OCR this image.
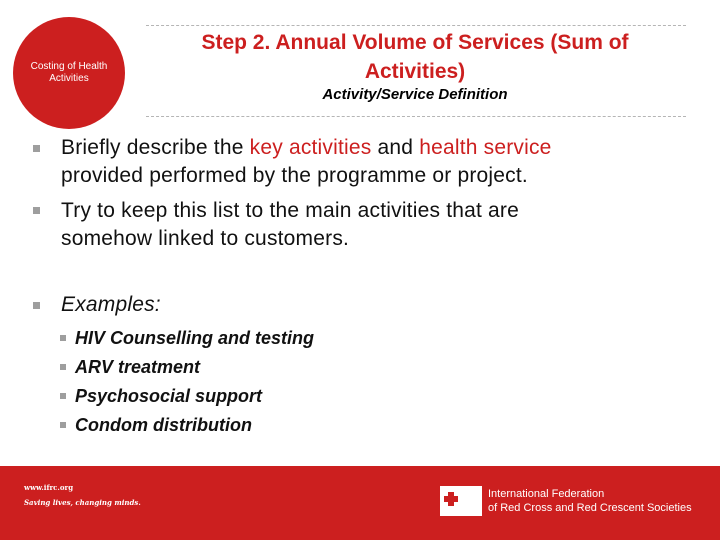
Costing of Health Activities
Step 2. Annual Volume of Services (Sum of Activities)
Activity/Service Definition
Briefly describe the key activities and health service
provided performed by the programme or project.
Try to keep this list to the main activities that are
somehow linked to customers.
Examples:
HIV Counselling and testing
ARV treatment
Psychosocial support
Condom distribution
www.ifrc.org
Saving lives, changing minds.
International Federation
of Red Cross and Red Crescent Societies
